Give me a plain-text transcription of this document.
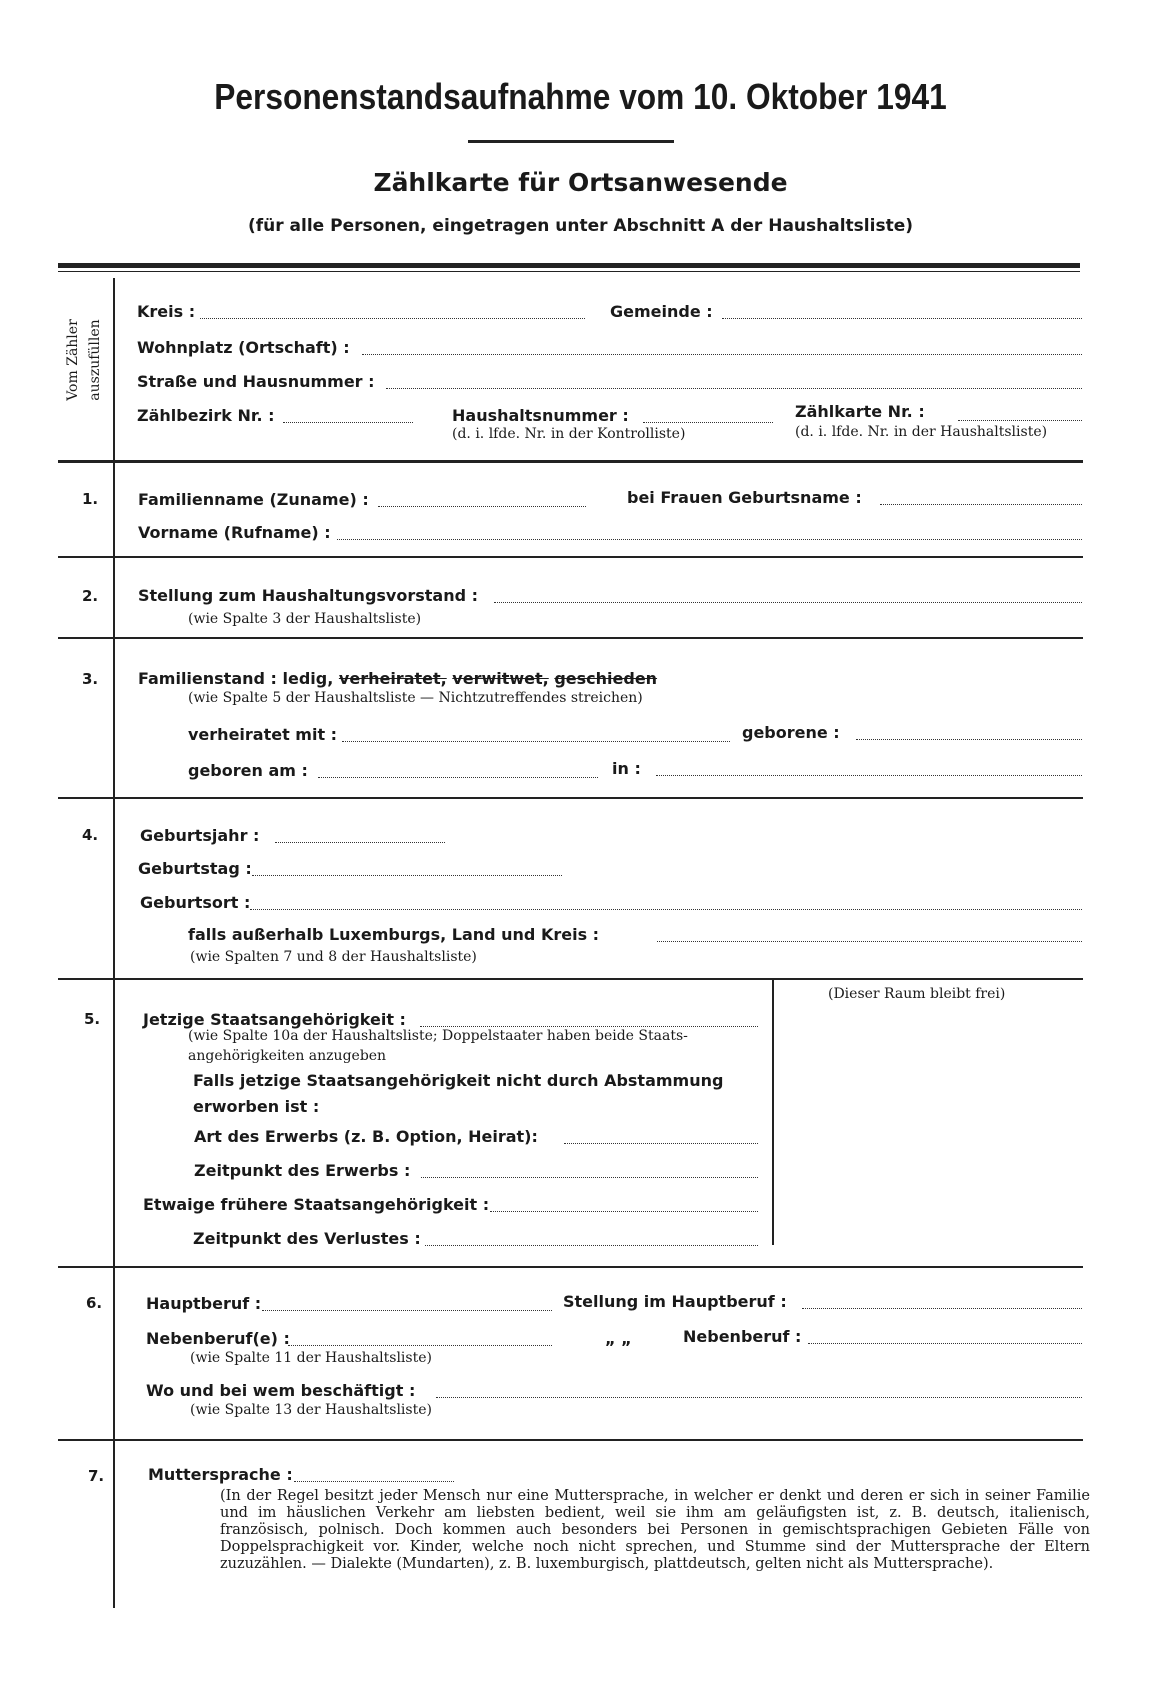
Personenstandsaufnahme vom 10. Oktober 1941
Zählkarte für Ortsanwesende
(für alle Personen, eingetragen unter Abschnitt A der Haushaltsliste)
Vom Zähler auszufüllen
Kreis :	Gemeinde :
Wohnplatz (Ortschaft) :
Straße und Hausnummer :
Zählbezirk Nr. :	Haushaltsnummer :
(d. i. lfde. Nr. in der Kontrolliste)
Zählkarte Nr. :
(d. i. lfde. Nr. in der Haushaltsliste)
1. Familienname (Zuname) :	bei Frauen Geburtsname :
Vorname (Rufname) :
2. Stellung zum Haushaltungsvorstand :
(wie Spalte 3 der Haushaltsliste)
3. Familienstand : ledig, verheiratet, verwitwet, geschieden
(wie Spalte 5 der Haushaltsliste — Nichtzutreffendes streichen)
verheiratet mit :	geborene :
geboren am :	in :
4.	Geburtsjahr :
Geburtstag :
Geburtsort :
falls außerhalb Luxemburgs, Land und Kreis :
(wie Spalten 7 und 8 der Haushaltsliste)
(Dieser Raum bleibt frei)
5.	Jetzige Staatsangehörigkeit :
(wie Spalte 10a der Haushaltsliste; Doppelstaater haben beide Staats-
angehörigkeiten anzugeben
Falls jetzige Staatsangehörigkeit nicht durch Abstammung
erworben ist :
Art des Erwerbs (z. B. Option, Heirat):
Zeitpunkt des Erwerbs :
Etwaige frühere Staatsangehörigkeit :
Zeitpunkt des Verlustes :
6.	Hauptberuf :	Stellung im Hauptberuf :
Nebenberuf(e) :	„ „	Nebenberuf :
(wie Spalte 11 der Haushaltsliste)
Wo und bei wem beschäftigt :
(wie Spalte 13 der Haushaltsliste)
7.	Muttersprache :
(In der Regel besitzt jeder Mensch nur eine Muttersprache, in welcher er denkt und deren er sich in seiner Familie und im häuslichen Verkehr am liebsten bedient, weil sie ihm am geläufigsten ist, z. B. deutsch, italienisch, französisch, polnisch. Doch kommen auch besonders bei Personen in gemischtsprachigen Gebieten Fälle von Doppelsprachigkeit vor. Kinder, welche noch nicht sprechen, und Stumme sind der Muttersprache der Eltern zuzuzählen. — Dialekte (Mundarten), z. B. luxemburgisch, plattdeutsch, gelten nicht als Muttersprache).
